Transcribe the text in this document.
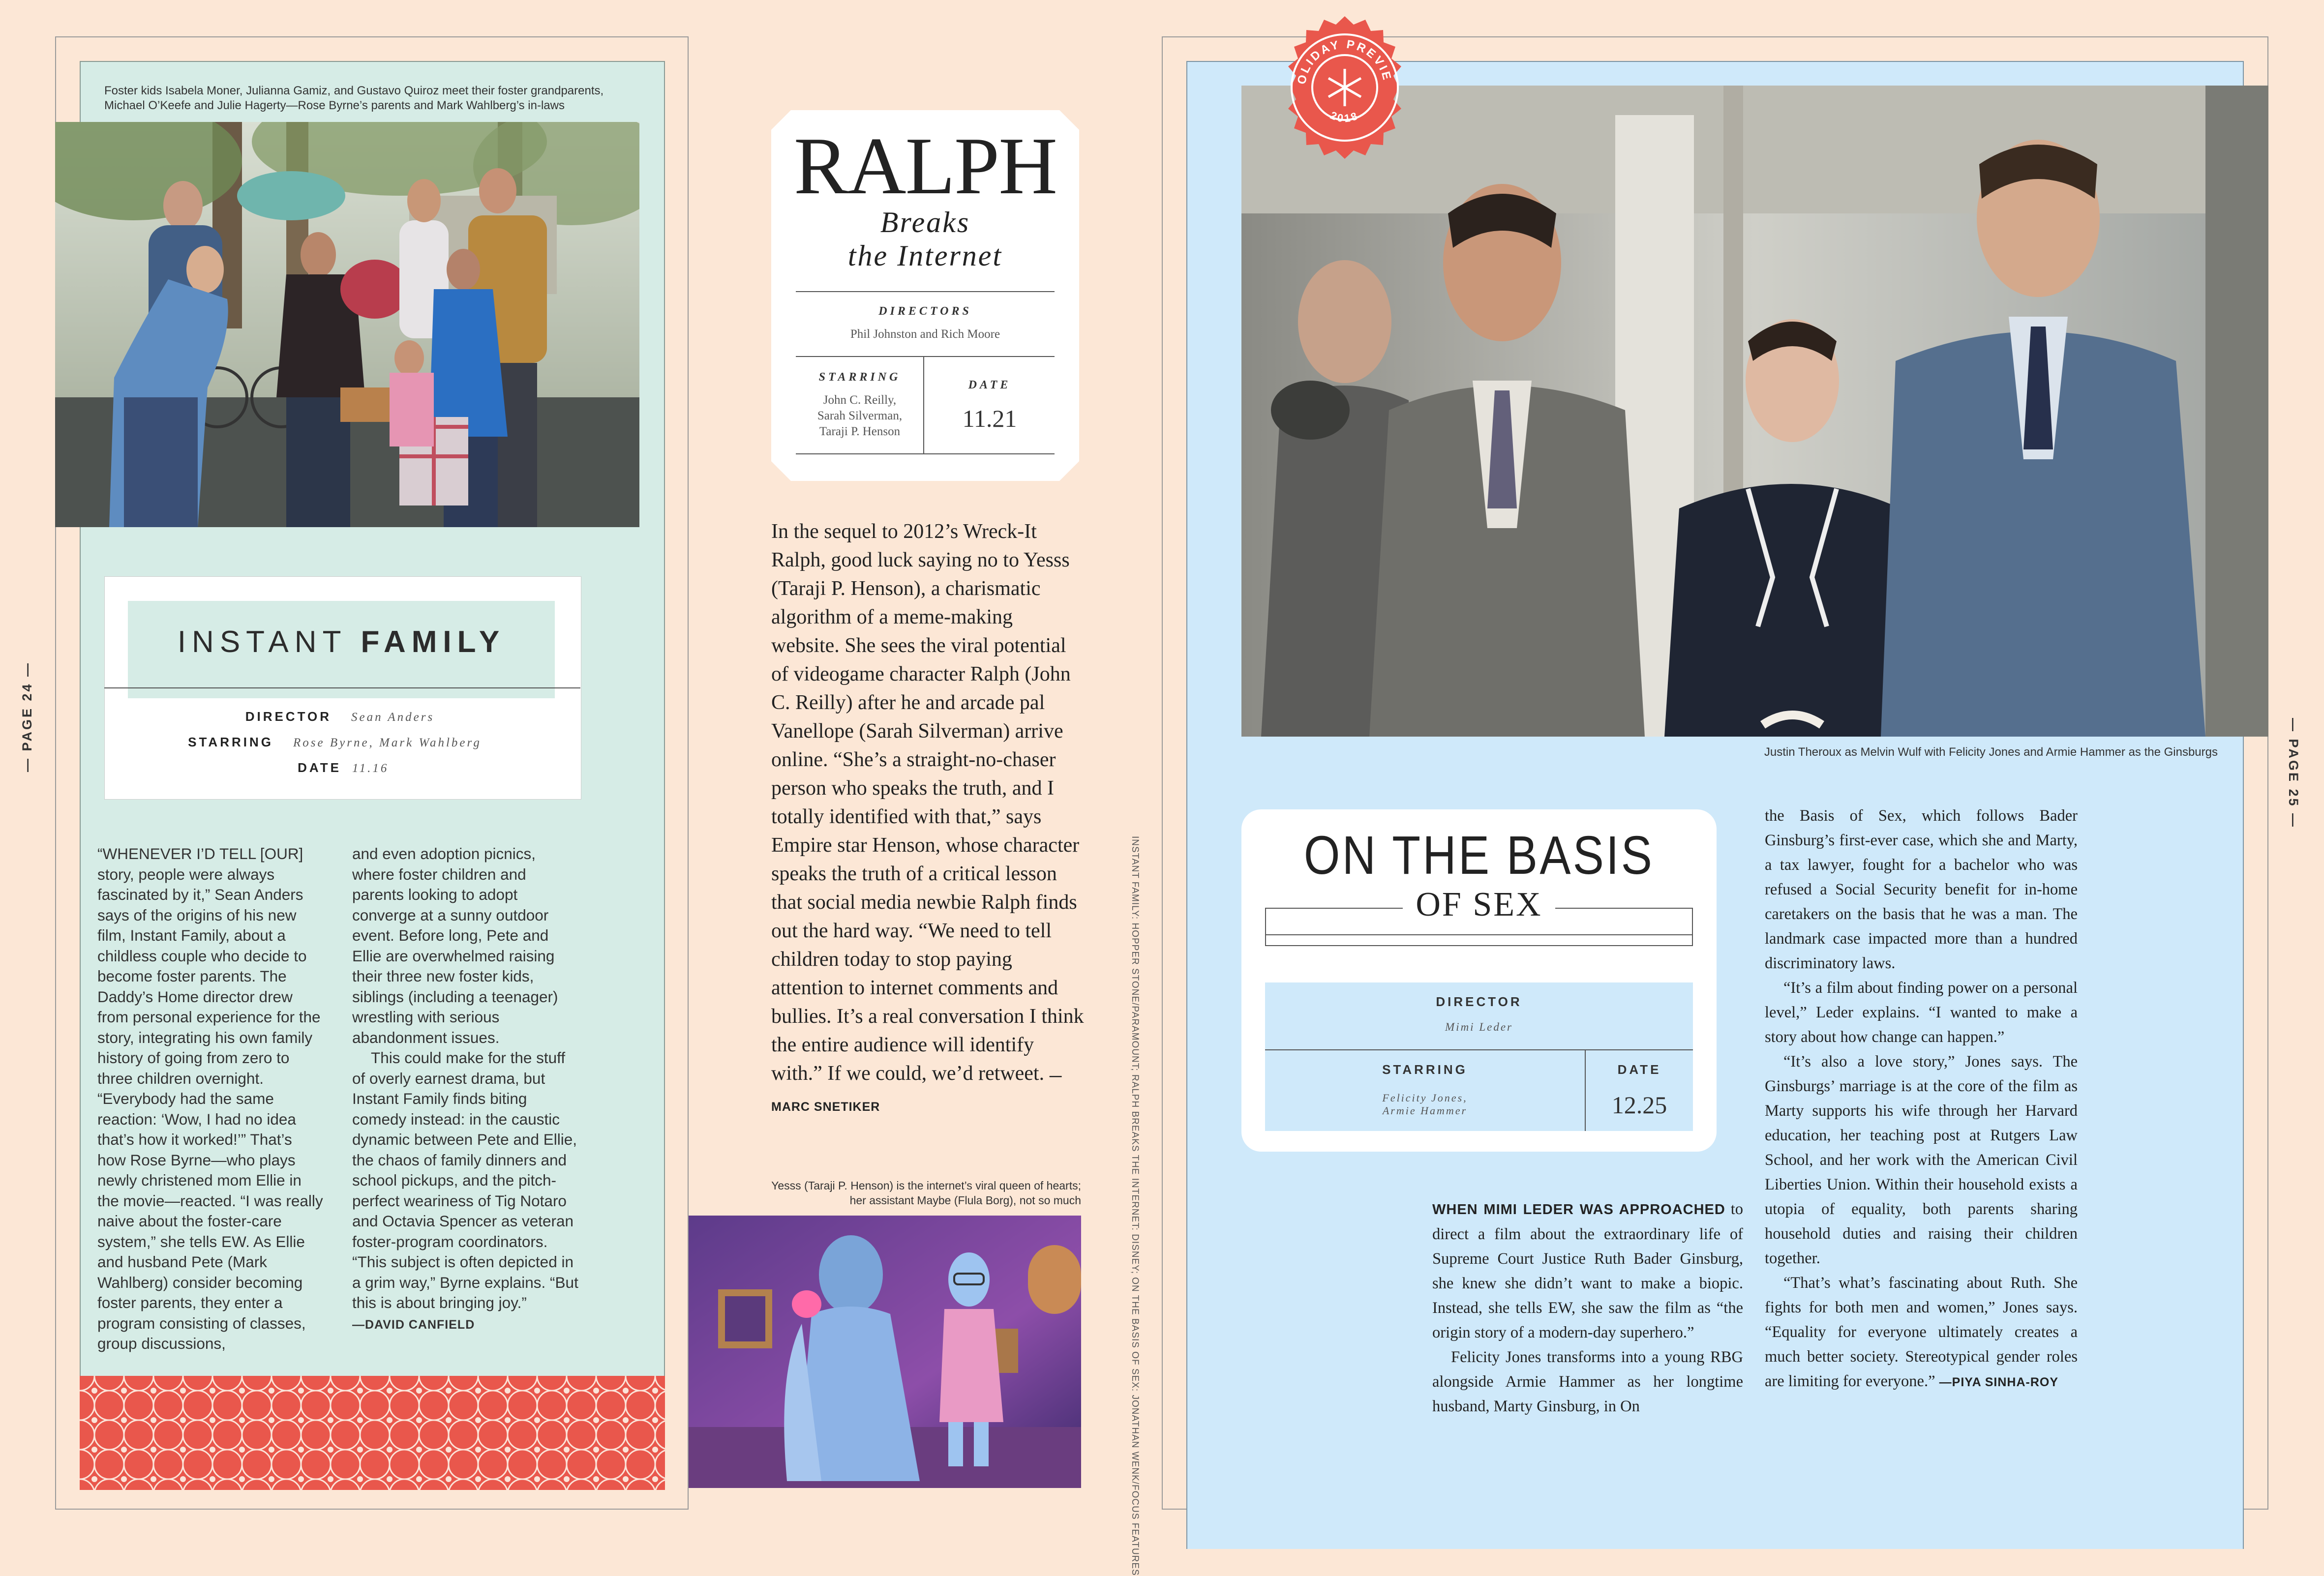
— PAGE 24 —
Foster kids Isabela Moner, Julianna Gamiz, and Gustavo Quiroz meet their foster grandparents, Michael O’Keefe and Julie Hagerty—Rose Byrne’s parents and Mark Wahlberg’s in-laws
INSTANT FAMILY
DIRECTOR Sean Anders
STARRING Rose Byrne, Mark Wahlberg
DATE 11.16

“WHENEVER I’D TELL [OUR] story, people were always fascinated by it,” Sean Anders says of the origins of his new film, Instant Family, about a childless couple who decide to become foster parents. The Daddy’s Home director drew from personal experience for the story, integrating his own family history of going from zero to three children overnight. “Everybody had the same reaction: ‘Wow, I had no idea that’s how it worked!’” That’s how Rose Byrne—who plays newly christened mom Ellie in the movie—reacted. “I was really naive about the foster-care system,” she tells EW. As Ellie and husband Pete (Mark Wahlberg) consider becoming foster parents, they enter a program consisting of classes, group discussions,

and even adoption picnics, where foster children and parents looking to adopt converge at a sunny outdoor event. Before long, Pete and Ellie are overwhelmed raising their three new foster kids, siblings (including a teenager) wrestling with serious abandonment issues.

This could make for the stuff of overly earnest drama, but Instant Family finds biting comedy instead: in the caustic dynamic between Pete and Ellie, the chaos of family dinners and school pickups, and the pitch-perfect weariness of Tig Notaro and Octavia Spencer as veteran foster-program coordinators. “This subject is often depicted in a grim way,” Byrne explains. “But this is about bringing joy.”

—DAVID CANFIELD

RALPH
Breaks
the Internet
DIRECTORS
Phil Johnston and Rich Moore
STARRING
John C. Reilly,
Sarah Silverman,
Taraji P. Henson
DATE
11.21

In the sequel to 2012’s Wreck-It Ralph, good luck saying no to Yesss (Taraji P. Henson), a charismatic algorithm of a meme-making website. She sees the viral potential of videogame character Ralph (John C. Reilly) after he and arcade pal Vanellope (Sarah Silverman) arrive online. “She’s a straight-no-chaser person who speaks the truth, and I totally identified with that,” says Empire star Henson, whose character speaks the truth of a critical lesson that social media newbie Ralph finds out the hard way. “We need to tell children today to stop paying attention to internet comments and bullies. It’s a real conversation I think the entire audience will identify with.” If we could, we’d retweet. —MARC SNETIKER

Yesss (Taraji P. Henson) is the internet’s viral queen of hearts; her assistant Maybe (Flula Borg), not so much	INSTANT FAMILY: HOPPER STONE/PARAMOUNT; RALPH BREAKS THE INTERNET: DISNEY; ON THE BASIS OF SEX: JONATHAN WENK/FOCUS FEATURES
— PAGE 25 —
OLIDAY PREVIE
2018
Justin Theroux as Melvin Wulf with Felicity Jones and Armie Hammer as the Ginsburgs
ON THE BASIS
OF SEX
DIRECTOR
Mimi Leder
STARRING
Felicity Jones,
Armie Hammer
DATE
12.25

WHEN MIMI LEDER WAS APPROACHED to direct a film about the extraordinary life of Supreme Court Justice Ruth Bader Ginsburg, she knew she didn’t want to make a biopic. Instead, she tells EW, she saw the film as “the origin story of a modern-day superhero.”

Felicity Jones transforms into a young RBG alongside Armie Hammer as her longtime husband, Marty Ginsburg, in On

the Basis of Sex, which follows Bader Ginsburg’s first-ever case, which she and Marty, a tax lawyer, fought for a bachelor who was refused a Social Security benefit for in-home caretakers on the basis that he was a man. The landmark case impacted more than a hundred discriminatory laws.

“It’s a film about finding power on a personal level,” Leder explains. “I wanted to make a story about how change can happen.”

“It’s also a love story,” Jones says. The Ginsburgs’ marriage is at the core of the film as Marty supports his wife through her Harvard education, her teaching post at Rutgers Law School, and her work with the American Civil Liberties Union. Within their household exists a utopia of equality, both parents sharing household duties and raising their children together.

“That’s what’s fascinating about Ruth. She fights for both men and women,” Jones says. “Equality for everyone ultimately creates a much better society. Stereotypical gender roles are limiting for everyone.” —PIYA SINHA-ROY
